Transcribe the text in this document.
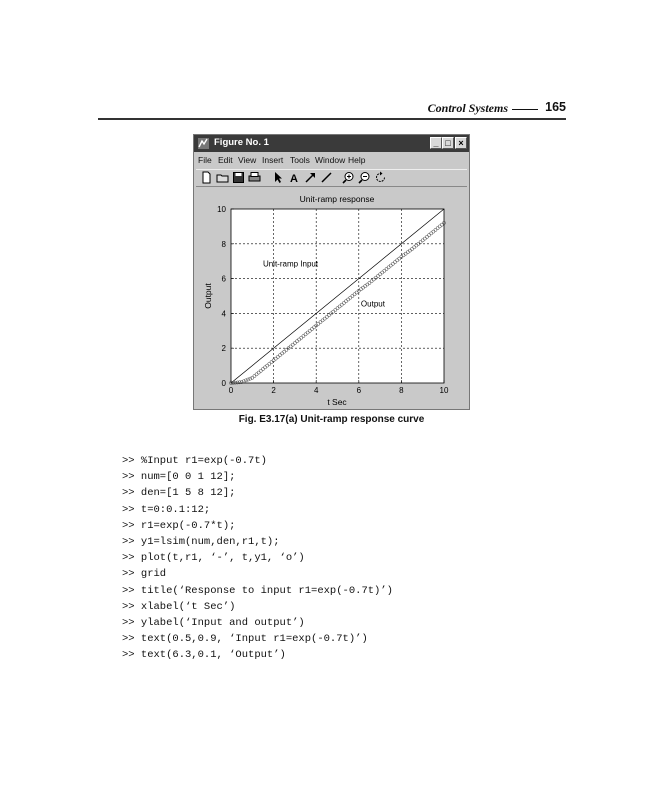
Control Systems	165
Figure No. 1	_ □ ×
File Edit View Insert Tools Window Help
A
0	2	4	6	8	10
0
2
4
6
8
10
Unit-ramp response
t Sec
Output
Unit-ramp Input
Output
Fig. E3.17(a) Unit-ramp response curve
>> %Input r1=exp(-0.7t)
>> num=[0 0 1 12];
>> den=[1 5 8 12];
>> t=0:0.1:12;
>> r1=exp(-0.7*t);
>> y1=lsim(num,den,r1,t);
>> plot(t,r1, ‘-’, t,y1, ‘o’)
>> grid
>> title(‘Response to input r1=exp(-0.7t)’)
>> xlabel(‘t Sec’)
>> ylabel(‘Input and output’)
>> text(0.5,0.9, ‘Input r1=exp(-0.7t)’)
>> text(6.3,0.1, ‘Output’)
